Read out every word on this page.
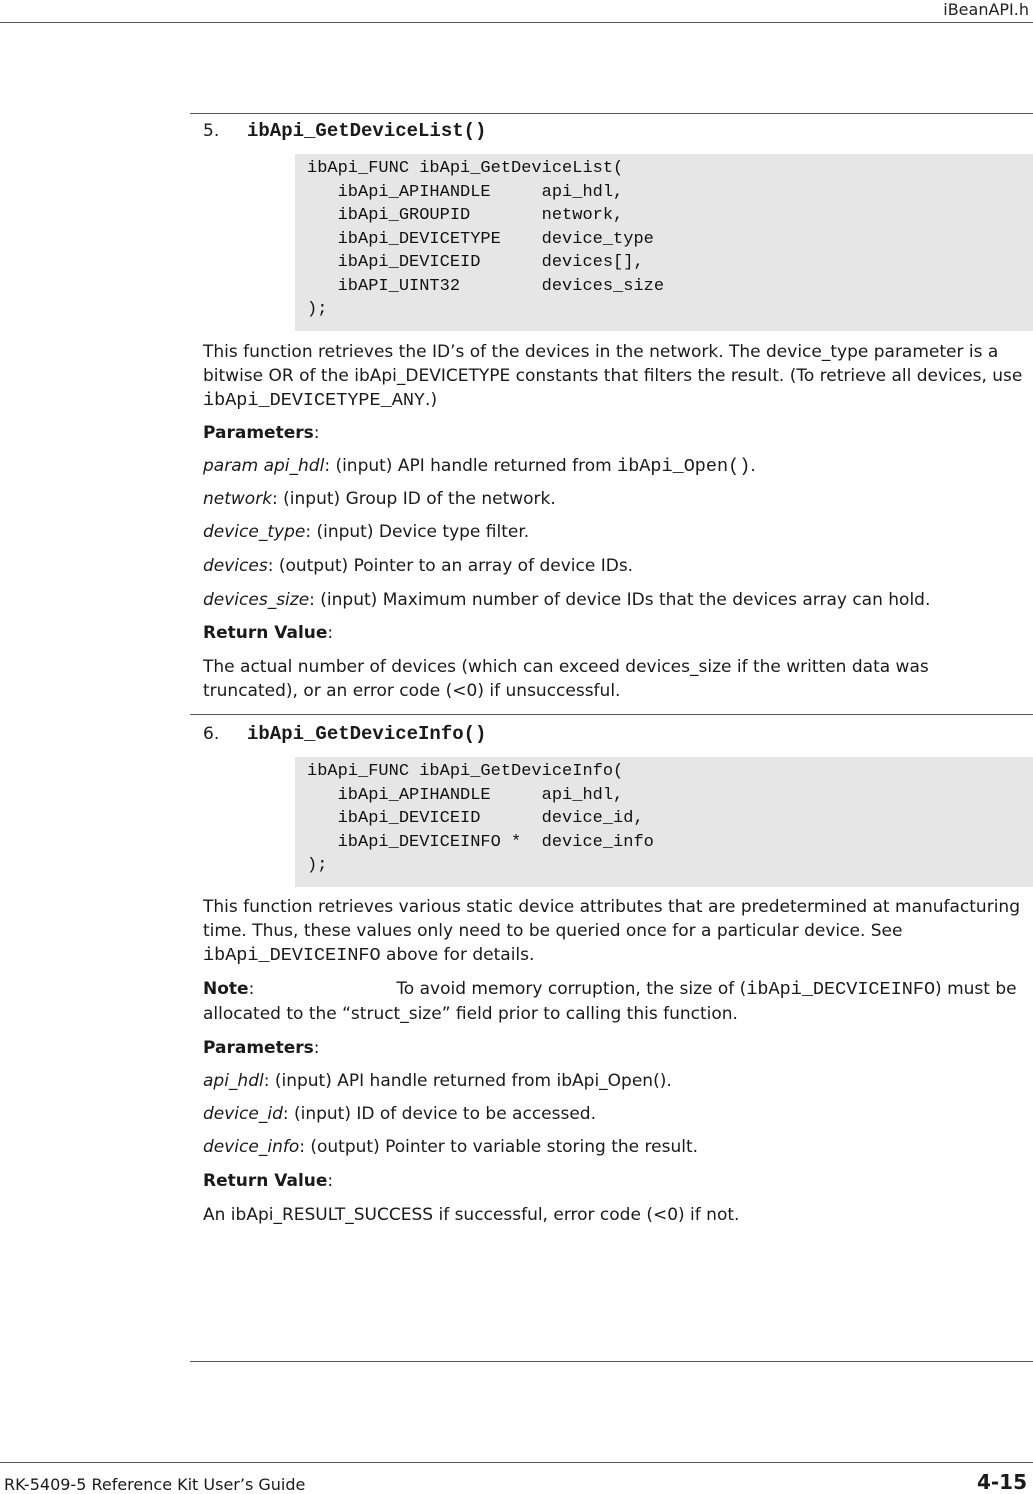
iBeanAPI.h
5. ibApi_GetDeviceList()
ibApi_FUNC ibApi_GetDeviceList(
ibApi_APIHANDLE     api_hdl,
ibApi_GROUPID       network,
ibApi_DEVICETYPE    device_type
ibApi_DEVICEID      devices[],
ibAPI_UINT32        devices_size
);
This function retrieves the ID’s of the devices in the network. The device_type parameter is a bitwise OR of the ibApi_DEVICETYPE constants that filters the result. (To retrieve all devices, use ibApi_DEVICETYPE_ANY.)
Parameters:
param api_hdl: (input) API handle returned from ibApi_Open().
network: (input) Group ID of the network.
device_type: (input) Device type filter.
devices: (output) Pointer to an array of device IDs.
devices_size: (input) Maximum number of device IDs that the devices array can hold.
Return Value:
The actual number of devices (which can exceed devices_size if the written data was truncated), or an error code (<0) if unsuccessful.
6. ibApi_GetDeviceInfo()
ibApi_FUNC ibApi_GetDeviceInfo(
ibApi_APIHANDLE     api_hdl,
ibApi_DEVICEID      device_id,
ibApi_DEVICEINFO *  device_info
);
This function retrieves various static device attributes that are predetermined at manufacturing time. Thus, these values only need to be queried once for a particular device. See ibApi_DEVICEINFO above for details.
Note:	To avoid memory corruption, the size of (ibApi_DECVICEINFO) must be allocated to the “struct_size” field prior to calling this function.
Parameters:
api_hdl: (input) API handle returned from ibApi_Open().
device_id: (input) ID of device to be accessed.
device_info: (output) Pointer to variable storing the result.
Return Value:
An ibApi_RESULT_SUCCESS if successful, error code (<0) if not.
RK-5409-5 Reference Kit User’s Guide	4-15
